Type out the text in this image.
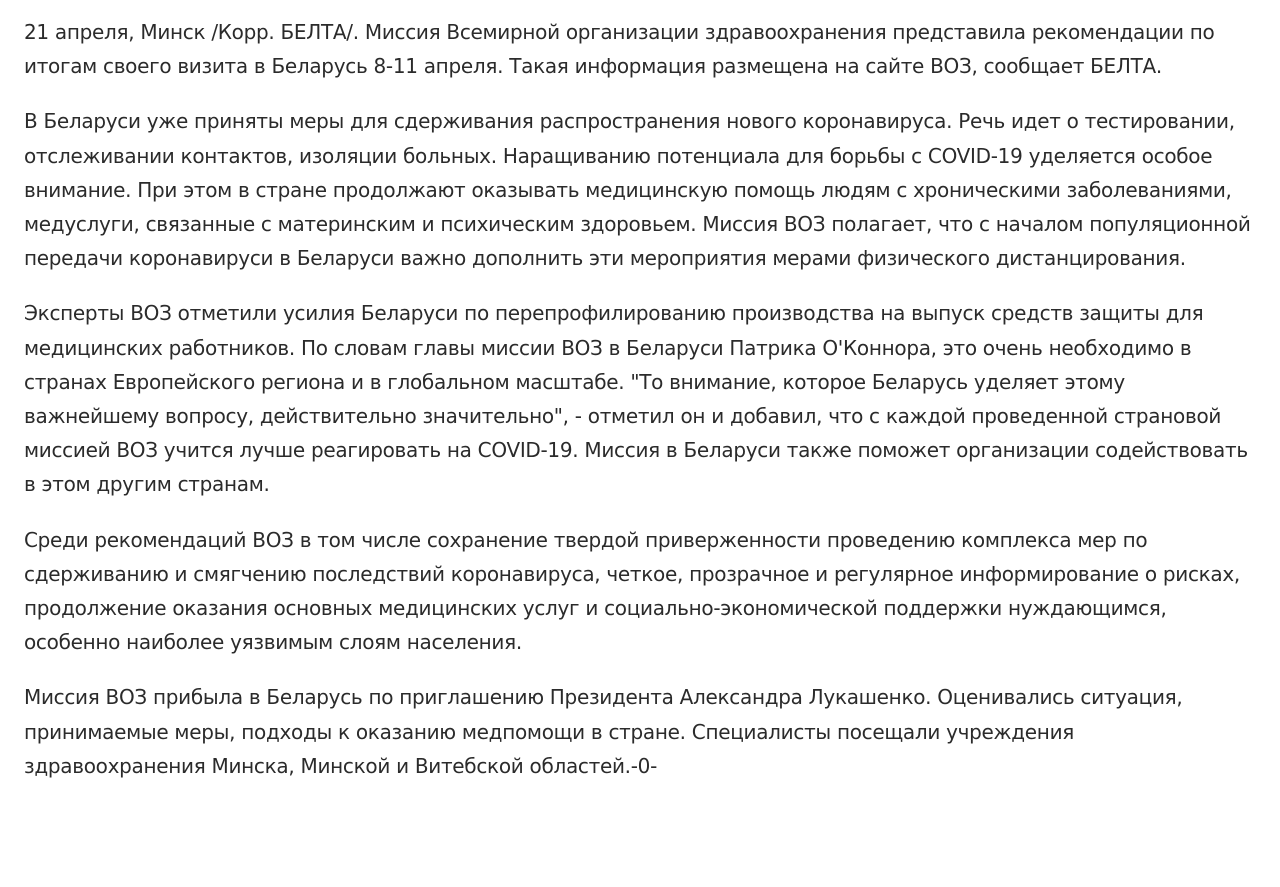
21 апреля, Минск /Корр. БЕЛТА/. Миссия Всемирной организации здравоохранения представила рекомендации по итогам своего визита в Беларусь 8-11 апреля. Такая информация размещена на сайте ВОЗ, сообщает БЕЛТА.

В Беларуси уже приняты меры для сдерживания распространения нового коронавируса. Речь идет о тестировании, отслеживании контактов, изоляции больных. Наращиванию потенциала для борьбы с COVID-19 уделяется особое внимание. При этом в стране продолжают оказывать медицинскую помощь людям с хроническими заболеваниями, медуслуги, связанные с материнским и психическим здоровьем. Миссия ВОЗ полагает, что с началом популяционной передачи коронавируси в Беларуси важно дополнить эти мероприятия мерами физического дистанцирования.

Эксперты ВОЗ отметили усилия Беларуси по перепрофилированию производства на выпуск средств защиты для медицинских работников. По словам главы миссии ВОЗ в Беларуси Патрика О'Коннора, это очень необходимо в странах Европейского региона и в глобальном масштабе. "То внимание, которое Беларусь уделяет этому важнейшему вопросу, действительно значительно", - отметил он и добавил, что с каждой проведенной страновой миссией ВОЗ учится лучше реагировать на COVID-19. Миссия в Беларуси также поможет организации содействовать в этом другим странам.

Среди рекомендаций ВОЗ в том числе сохранение твердой приверженности проведению комплекса мер по сдерживанию и смягчению последствий коронавируса, четкое, прозрачное и регулярное информирование о рисках, продолжение оказания основных медицинских услуг и социально-экономической поддержки нуждающимся, особенно наиболее уязвимым слоям населения.

Миссия ВОЗ прибыла в Беларусь по приглашению Президента Александра Лукашенко. Оценивались ситуация, принимаемые меры, подходы к оказанию медпомощи в стране. Специалисты посещали учреждения здравоохранения Минска, Минской и Витебской областей.-0-
